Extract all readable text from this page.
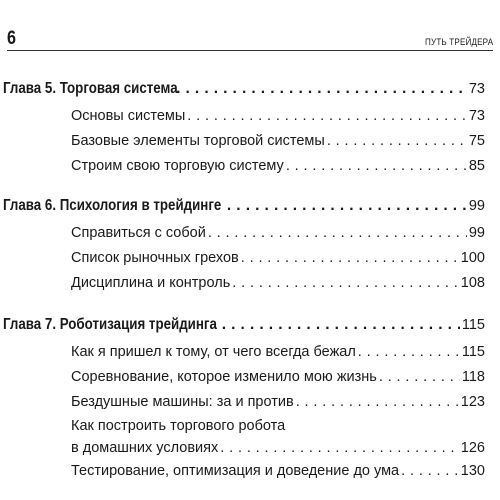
6	ПУТЬ ТРЕЙДЕРА
Глава 5. Торговая система . . .	73
Основы системы . . .	73
Базовые элементы торговой системы . . .	75
Строим свою торговую систему . . .	85
Глава 6. Психология в трейдинге . . .	99
Справиться с собой . . .	99
Список рыночных грехов . . .	100
Дисциплина и контроль . . .	108
Глава 7. Роботизация трейдинга . . .	115
Как я пришел к тому, от чего всегда бежал . . .	115
Соревнование, которое изменило мою жизнь . . .	118
Бездушные машины: за и против . . .	123
Как построить торгового робота
в домашних условиях . . .	126
Тестирование, оптимизация и доведение до ума . . .	130
